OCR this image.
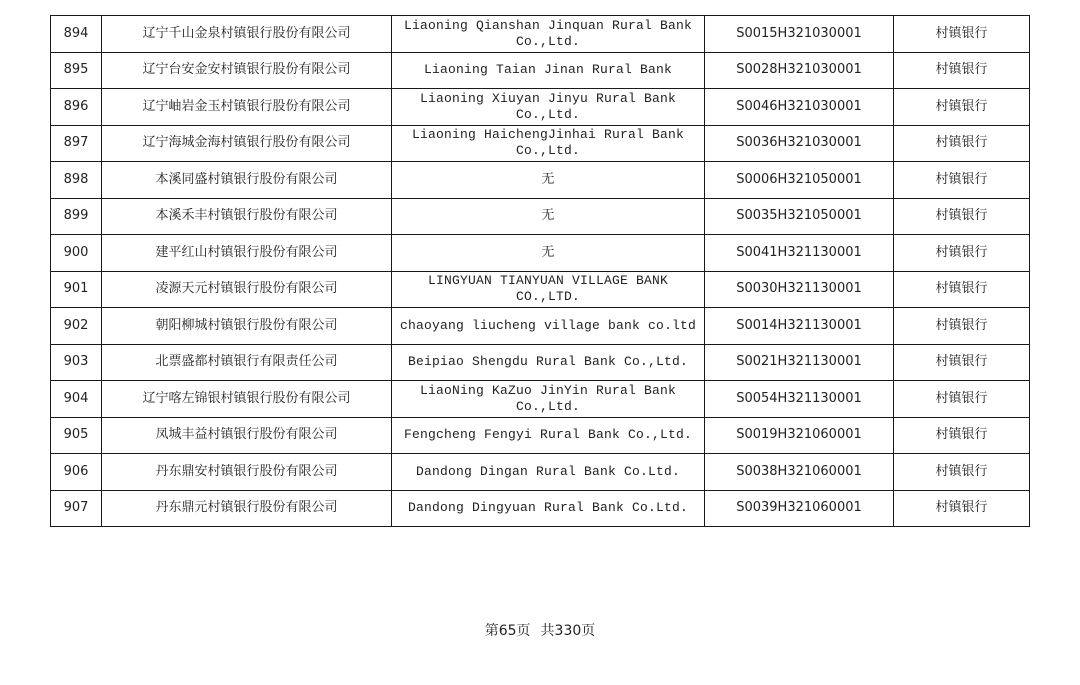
894	辽宁千山金泉村镇银行股份有限公司	Liaoning Qianshan Jinquan Rural Bank Co.,Ltd.	S0015H321030001	村镇银行
895	辽宁台安金安村镇银行股份有限公司	Liaoning Taian Jinan Rural Bank	S0028H321030001	村镇银行
896	辽宁岫岩金玉村镇银行股份有限公司	Liaoning Xiuyan Jinyu Rural Bank Co.,Ltd.	S0046H321030001	村镇银行
897	辽宁海城金海村镇银行股份有限公司	Liaoning HaichengJinhai Rural Bank Co.,Ltd.	S0036H321030001	村镇银行
898	本溪同盛村镇银行股份有限公司	无	S0006H321050001	村镇银行
899	本溪禾丰村镇银行股份有限公司	无	S0035H321050001	村镇银行
900	建平红山村镇银行股份有限公司	无	S0041H321130001	村镇银行
901	凌源天元村镇银行股份有限公司	LINGYUAN TIANYUAN VILLAGE BANK CO.,LTD.	S0030H321130001	村镇银行
902	朝阳柳城村镇银行股份有限公司	chaoyang liucheng village bank co.ltd	S0014H321130001	村镇银行
903	北票盛都村镇银行有限责任公司	Beipiao Shengdu Rural Bank Co.,Ltd.	S0021H321130001	村镇银行
904	辽宁喀左锦银村镇银行股份有限公司	LiaoNing KaZuo JinYin Rural Bank Co.,Ltd.	S0054H321130001	村镇银行
905	凤城丰益村镇银行股份有限公司	Fengcheng Fengyi Rural Bank Co.,Ltd.	S0019H321060001	村镇银行
906	丹东鼎安村镇银行股份有限公司	Dandong Dingan Rural Bank Co.Ltd.	S0038H321060001	村镇银行
907	丹东鼎元村镇银行股份有限公司	Dandong Dingyuan Rural Bank Co.Ltd.	S0039H321060001	村镇银行
第65页 共330页
